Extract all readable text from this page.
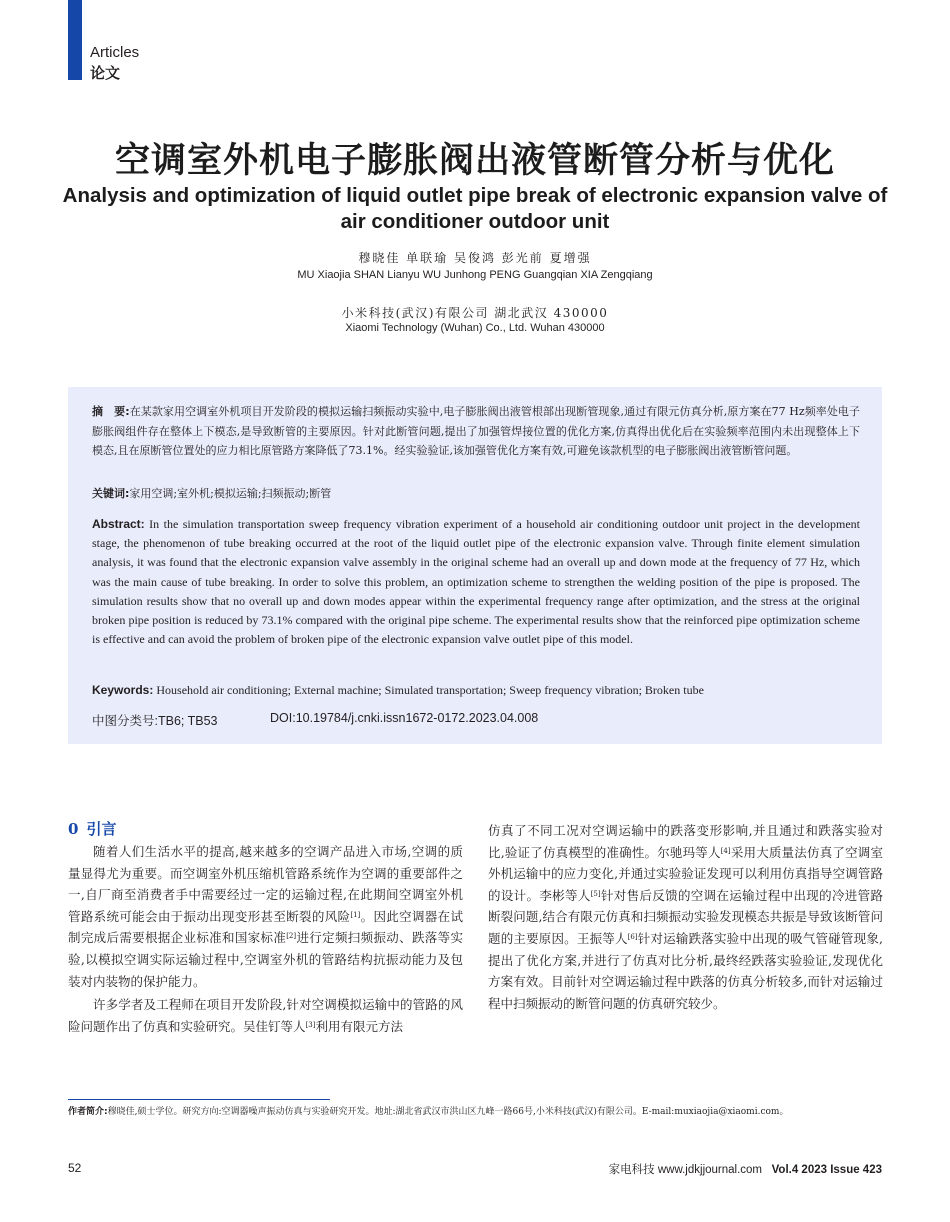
Articles
论文
空调室外机电子膨胀阀出液管断管分析与优化
Analysis and optimization of liquid outlet pipe break of electronic expansion valve of air conditioner outdoor unit
穆晓佳 单联瑜 吴俊鸿 彭光前 夏增强
MU Xiaojia SHAN Lianyu WU Junhong PENG Guangqian XIA Zengqiang
小米科技(武汉)有限公司 湖北武汉 430000
Xiaomi Technology (Wuhan) Co., Ltd. Wuhan 430000
摘　要:在某款家用空调室外机项目开发阶段的模拟运输扫频振动实验中,电子膨胀阀出液管根部出现断管现象,通过有限元仿真分析,原方案在77 Hz频率处电子膨胀阀组件存在整体上下模态,是导致断管的主要原因。针对此断管问题,提出了加强管焊接位置的优化方案,仿真得出优化后在实验频率范围内未出现整体上下模态,且在原断管位置处的应力相比原管路方案降低了73.1%。经实验验证,该加强管优化方案有效,可避免该款机型的电子膨胀阀出液管断管问题。
关键词:家用空调;室外机;模拟运输;扫频振动;断管
Abstract: In the simulation transportation sweep frequency vibration experiment of a household air conditioning outdoor unit project in the development stage, the phenomenon of tube breaking occurred at the root of the liquid outlet pipe of the electronic expansion valve. Through finite element simulation analysis, it was found that the electronic expansion valve assembly in the original scheme had an overall up and down mode at the frequency of 77 Hz, which was the main cause of tube breaking. In order to solve this problem, an optimization scheme to strengthen the welding position of the pipe is proposed. The simulation results show that no overall up and down modes appear within the experimental frequency range after optimization, and the stress at the original broken pipe position is reduced by 73.1% compared with the original pipe scheme. The experimental results show that the reinforced pipe optimization scheme is effective and can avoid the problem of broken pipe of the electronic expansion valve outlet pipe of this model.
Keywords: Household air conditioning; External machine; Simulated transportation; Sweep frequency vibration; Broken tube
中图分类号:TB6; TB53	DOI:10.19784/j.cnki.issn1672-0172.2023.04.008
0 引言

随着人们生活水平的提高,越来越多的空调产品进入市场,空调的质量显得尤为重要。而空调室外机压缩机管路系统作为空调的重要部件之一,自厂商至消费者手中需要经过一定的运输过程,在此期间空调室外机管路系统可能会由于振动出现变形甚至断裂的风险[1]。因此空调器在试制完成后需要根据企业标准和国家标准[2]进行定频扫频振动、跌落等实验,以模拟空调实际运输过程中,空调室外机的管路结构抗振动能力及包装对内装物的保护能力。

许多学者及工程师在项目开发阶段,针对空调模拟运输中的管路的风险问题作出了仿真和实验研究。吴佳钉等人[3]利用有限元方法

仿真了不同工况对空调运输中的跌落变形影响,并且通过和跌落实验对比,验证了仿真模型的准确性。尔驰玛等人[4]采用大质量法仿真了空调室外机运输中的应力变化,并通过实验验证发现可以利用仿真指导空调管路的设计。李彬等人[5]针对售后反馈的空调在运输过程中出现的冷进管路断裂问题,结合有限元仿真和扫频振动实验发现模态共振是导致该断管问题的主要原因。王振等人[6]针对运输跌落实验中出现的吸气管碰管现象,提出了优化方案,并进行了仿真对比分析,最终经跌落实验验证,发现优化方案有效。目前针对空调运输过程中跌落的仿真分析较多,而针对运输过程中扫频振动的断管问题的仿真研究较少。

作者简介:穆晓佳,硕士学位。研究方向:空调器噪声振动仿真与实验研究开发。地址:湖北省武汉市洪山区九峰一路66号,小米科技(武汉)有限公司。E-mail:muxiaojia@xiaomi.com。
52	家电科技 www.jdkjjournal.com Vol.4 2023 Issue 423
